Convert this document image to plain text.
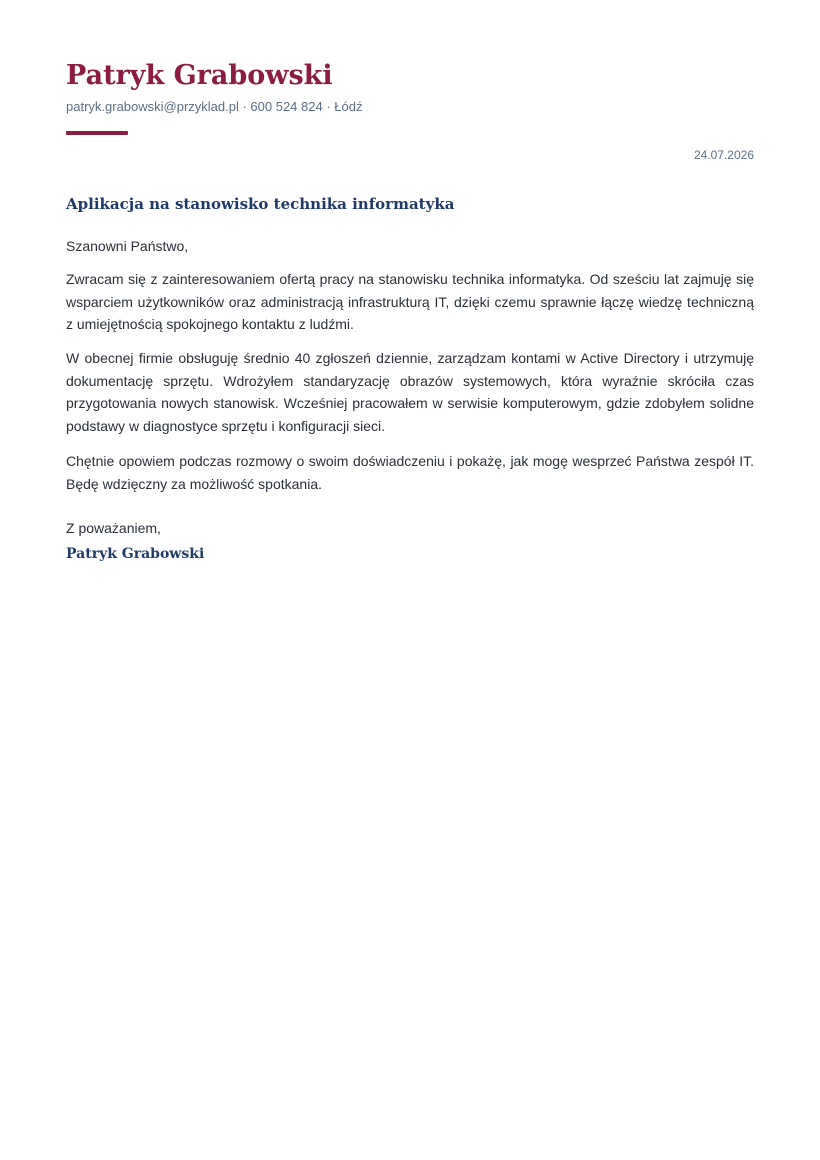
Patryk Grabowski
patryk.grabowski@przyklad.pl · 600 524 824 · Łódź
24.07.2026
Aplikacja na stanowisko technika informatyka
Szanowni Państwo,

Zwracam się z zainteresowaniem ofertą pracy na stanowisku technika informatyka. Od sześciu lat zajmuję się wsparciem użytkowników oraz administracją infrastrukturą IT, dzięki czemu sprawnie łączę wiedzę techniczną z umiejętnością spokojnego kontaktu z ludźmi.

W obecnej firmie obsługuję średnio 40 zgłoszeń dziennie, zarządzam kontami w Active Directory i utrzymuję dokumentację sprzętu. Wdrożyłem standaryzację obrazów systemowych, która wyraźnie skróciła czas przygotowania nowych stanowisk. Wcześniej pracowałem w serwisie komputerowym, gdzie zdobyłem solidne podstawy w diagnostyce sprzętu i konfiguracji sieci.

Chętnie opowiem podczas rozmowy o swoim doświadczeniu i pokażę, jak mogę wesprzeć Państwa zespół IT. Będę wdzięczny za możliwość spotkania.

Z poważaniem,
Patryk Grabowski
